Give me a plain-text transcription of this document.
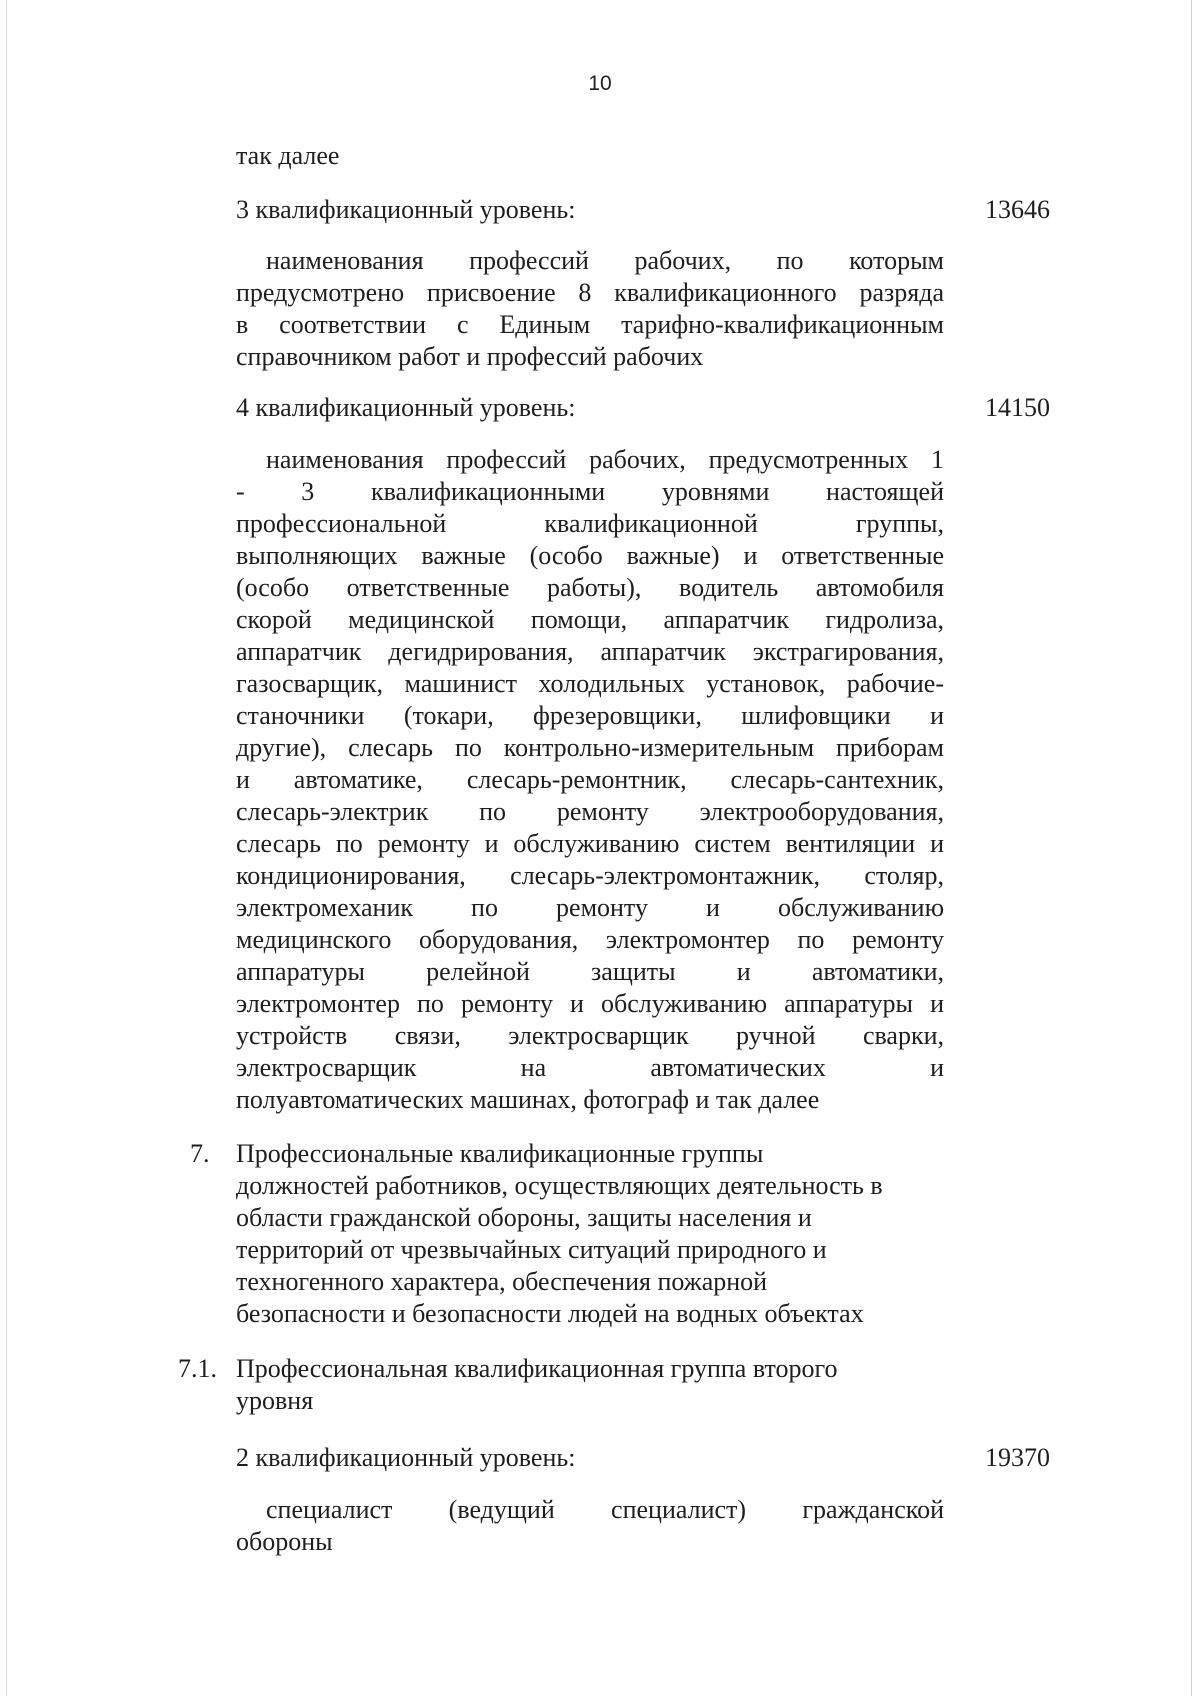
10
так далее
3 квалификационный уровень:	13646
наименования профессий рабочих, по которым
предусмотрено присвоение 8 квалификационного разряда
в соответствии с Единым тарифно-квалификационным
справочником работ и профессий рабочих
4 квалификационный уровень:	14150
наименования профессий рабочих, предусмотренных 1
- 3 квалификационными уровнями настоящей
профессиональной квалификационной группы,
выполняющих важные (особо важные) и ответственные
(особо ответственные работы), водитель автомобиля
скорой медицинской помощи, аппаратчик гидролиза,
аппаратчик дегидрирования, аппаратчик экстрагирования,
газосварщик, машинист холодильных установок, рабочие-
станочники (токари, фрезеровщики, шлифовщики и
другие), слесарь по контрольно-измерительным приборам
и автоматике, слесарь-ремонтник, слесарь-сантехник,
слесарь-электрик по ремонту электрооборудования,
слесарь по ремонту и обслуживанию систем вентиляции и
кондиционирования, слесарь-электромонтажник, столяр,
электромеханик по ремонту и обслуживанию
медицинского оборудования, электромонтер по ремонту
аппаратуры релейной защиты и автоматики,
электромонтер по ремонту и обслуживанию аппаратуры и
устройств связи, электросварщик ручной сварки,
электросварщик на автоматических и
полуавтоматических машинах, фотограф и так далее
7. Профессиональные квалификационные группы
должностей работников, осуществляющих деятельность в
области гражданской обороны, защиты населения и
территорий от чрезвычайных ситуаций природного и
техногенного характера, обеспечения пожарной
безопасности и безопасности людей на водных объектах
7.1. Профессиональная квалификационная группа второго
уровня
2 квалификационный уровень:	19370
специалист (ведущий специалист) гражданской
обороны
